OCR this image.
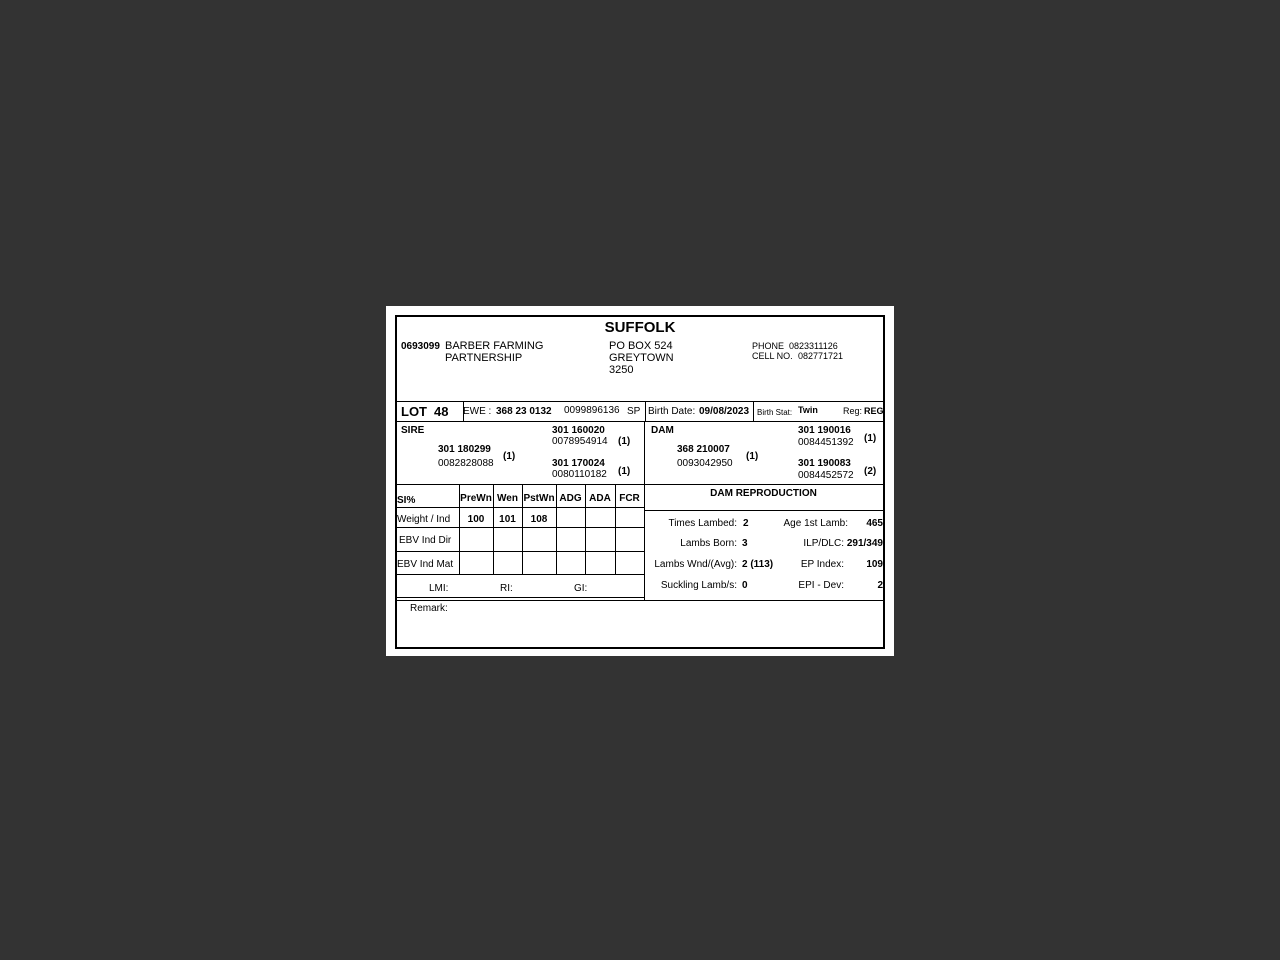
SUFFOLK
0693099 BARBER FARMING
PARTNERSHIP
PO BOX 524
GREYTOWN
3250
PHONE 0823311126
CELL NO. 082771721
LOT 48 EWE : 368 23 0132 0099896136 SP Birth Date: 09/08/2023 Birth Stat: Twin	Reg: REG
SIRE
301 180299
0082828088
(1)
301 160020
0078954914 (1)
301 170024
0080110182 (1)
DAM
368 210007
0093042950
(1)
301 190016
0084451392 (1)
301 190083
0084452572 (2)
SI%	PreWn Wen PstWn ADG ADA FCR
Weight / Ind	100	101	108
EBV Ind Dir
EBV Ind Mat
LMI:	RI:	GI:
DAM REPRODUCTION
Times Lambed: 2	Age 1st Lamb:	465
Lambs Born: 3	ILP/DLC: 291/349
Lambs Wnd/(Avg): 2 (113)	EP Index:	109
Suckling Lamb/s: 0	EPI - Dev:	2
Remark:
